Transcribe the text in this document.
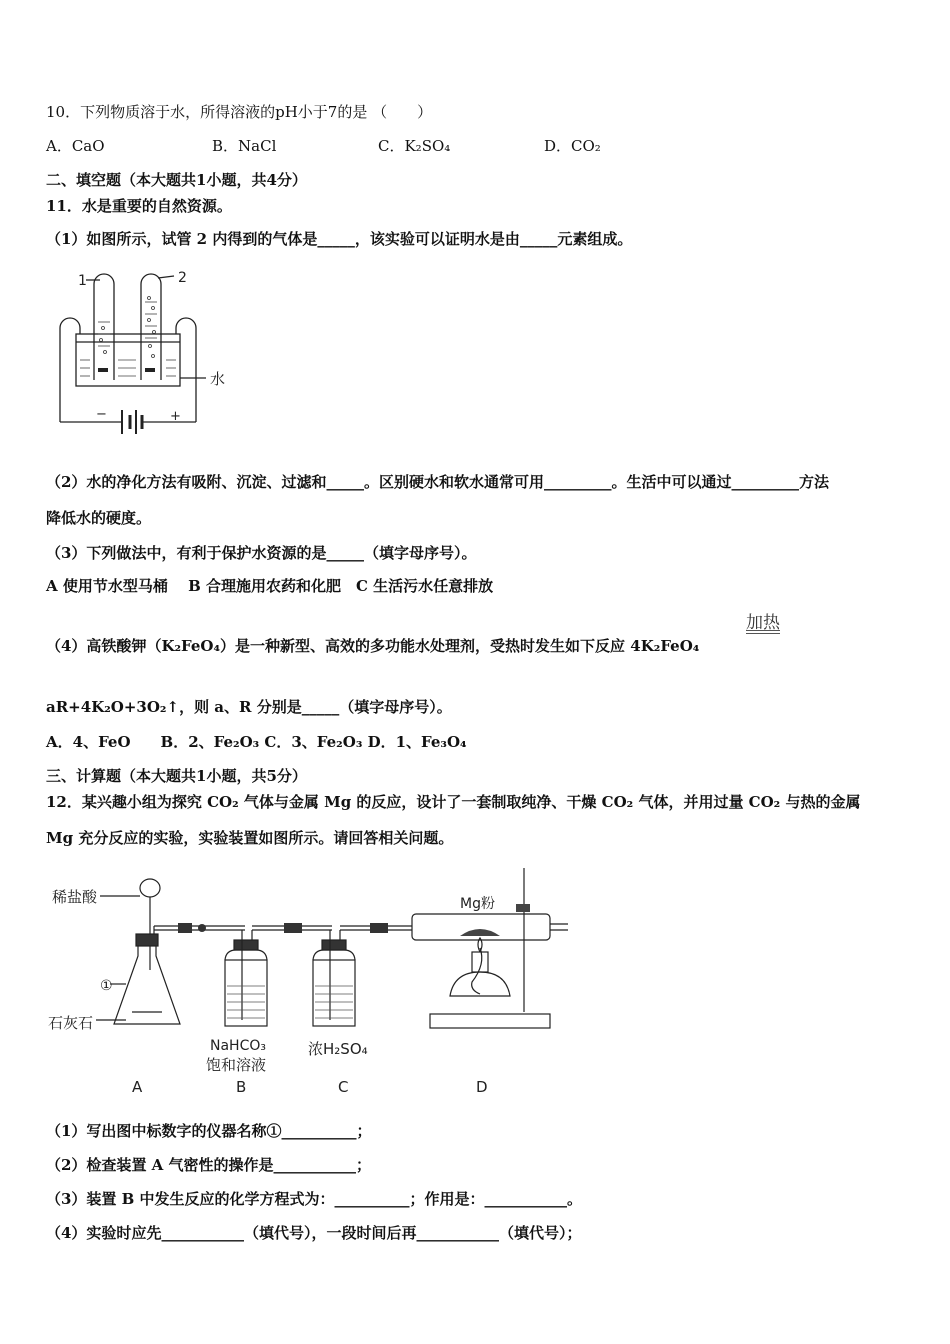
10．下列物质溶于水，所得溶液的pH小于7的是 （　　）
A．CaO	B．NaCl	C．K₂SO₄	D．CO₂
二、填空题（本大题共1小题，共4分）
11．水是重要的自然资源。
（1）如图所示，试管 2 内得到的气体是_____，该实验可以证明水是由_____元素组成。
1	2
水
−	+
（2）水的净化方法有吸附、沉淀、过滤和_____。区别硬水和软水通常可用_________。生活中可以通过_________方法
降低水的硬度。
（3）下列做法中，有利于保护水资源的是_____（填字母序号）。
A 使用节水型马桶　 B 合理施用农药和化肥　C 生活污水任意排放
加热
（4）高铁酸钾（K₂FeO₄）是一种新型、高效的多功能水处理剂，受热时发生如下反应 4K₂FeO₄
aR+4K₂O+3O₂↑，则 a、R 分别是_____（填字母序号）。
A．4、FeO　　B．2、Fe₂O₃ C．3、Fe₂O₃ D．1、Fe₃O₄
三、计算题（本大题共1小题，共5分）
12．某兴趣小组为探究 CO₂ 气体与金属 Mg 的反应，设计了一套制取纯净、干燥 CO₂ 气体，并用过量 CO₂ 与热的金属
Mg 充分反应的实验，实验装置如图所示。请回答相关问题。
稀盐酸
石灰石
①
Mg粉
NaHCO₃
饱和溶液
浓H₂SO₄
A	B	C	D
（1）写出图中标数字的仪器名称①__________；
（2）检查装置 A 气密性的操作是___________；
（3）装置 B 中发生反应的化学方程式为：__________；作用是：___________。
（4）实验时应先___________（填代号），一段时间后再___________（填代号）；
